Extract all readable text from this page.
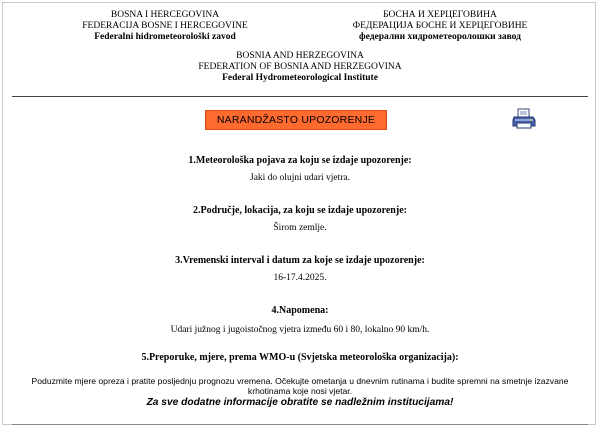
BOSNA I HERCEGOVINA
FEDERACIJA BOSNE I HERCEGOVINE
Federalni hidrometeorološki zavod
БОСНА И ХЕРЦЕГОВИНА
ФЕДЕРАЦИЈА БОСНЕ И ХЕРЦЕГОВИНЕ
федерални хидрометеоролошки завод
BOSNIA AND HERZEGOVINA
FEDERATION OF BOSNIA AND HERZEGOVINA
Federal Hydrometeorological Institute
NARANDŽASTO UPOZORENJE
1.Meteorološka pojava za koju se izdaje upozorenje:
Jaki do olujni udari vjetra.
2.Područje, lokacija, za koju se izdaje upozorenje:
Širom zemlje.
3.Vremenski interval i datum za koje se izdaje upozorenje:
16-17.4.2025.
4.Napomena:
Udari južnog i jugoistočnog vjetra između 60 i 80, lokalno 90 km/h.
5.Preporuke, mjere, prema WMO-u (Svjetska meteorološka organizacija):
Poduzmite mjere opreza i pratite posljednju prognozu vremena. Očekujte ometanja u dnevnim rutinama i budite spremni na smetnje izazvane krhotinama koje nosi vjetar.
Za sve dodatne informacije obratite se nadležnim institucijama!
